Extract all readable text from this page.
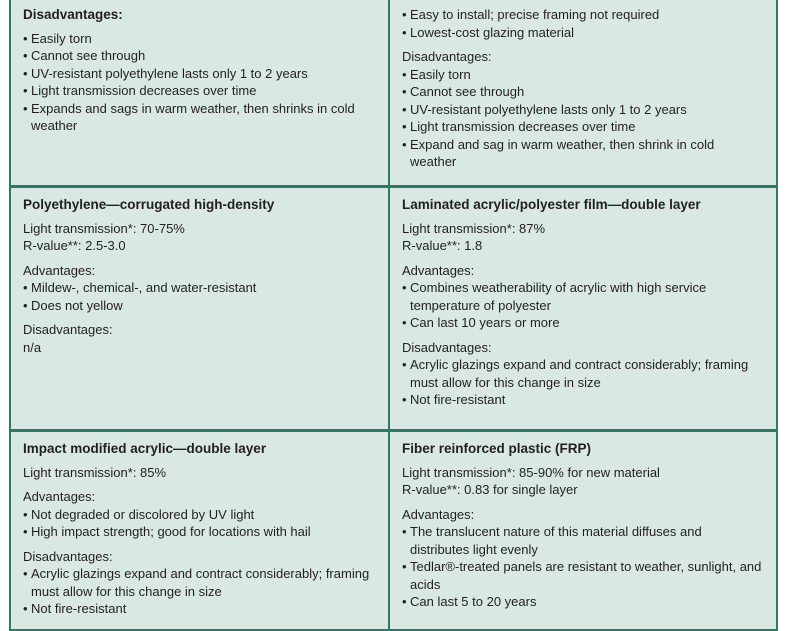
Disadvantages:
• Easily torn
• Cannot see through
• UV-resistant polyethylene lasts only 1 to 2 years
• Light transmission decreases over time
• Expands and sags in warm weather, then shrinks in cold weather
• Easy to install; precise framing not required
• Lowest-cost glazing material
Disadvantages:
• Easily torn
• Cannot see through
• UV-resistant polyethylene lasts only 1 to 2 years
• Light transmission decreases over time
• Expand and sag in warm weather, then shrink in cold weather
Polyethylene—corrugated high-density
Light transmission*: 70-75%
R-value**: 2.5-3.0
Advantages:
• Mildew-, chemical-, and water-resistant
• Does not yellow
Disadvantages:
n/a
Laminated acrylic/polyester film—double layer
Light transmission*: 87%
R-value**: 1.8
Advantages:
• Combines weatherability of acrylic with high service temperature of polyester
• Can last 10 years or more
Disadvantages:
• Acrylic glazings expand and contract considerably; framing must allow for this change in size
• Not fire-resistant
Impact modified acrylic—double layer
Light transmission*: 85%
Advantages:
• Not degraded or discolored by UV light
• High impact strength; good for locations with hail
Disadvantages:
• Acrylic glazings expand and contract considerably; framing must allow for this change in size
• Not fire-resistant
Fiber reinforced plastic (FRP)
Light transmission*: 85-90% for new material
R-value**: 0.83 for single layer
Advantages:
• The translucent nature of this material diffuses and distributes light evenly
• Tedlar®-treated panels are resistant to weather, sunlight, and acids
• Can last 5 to 20 years
